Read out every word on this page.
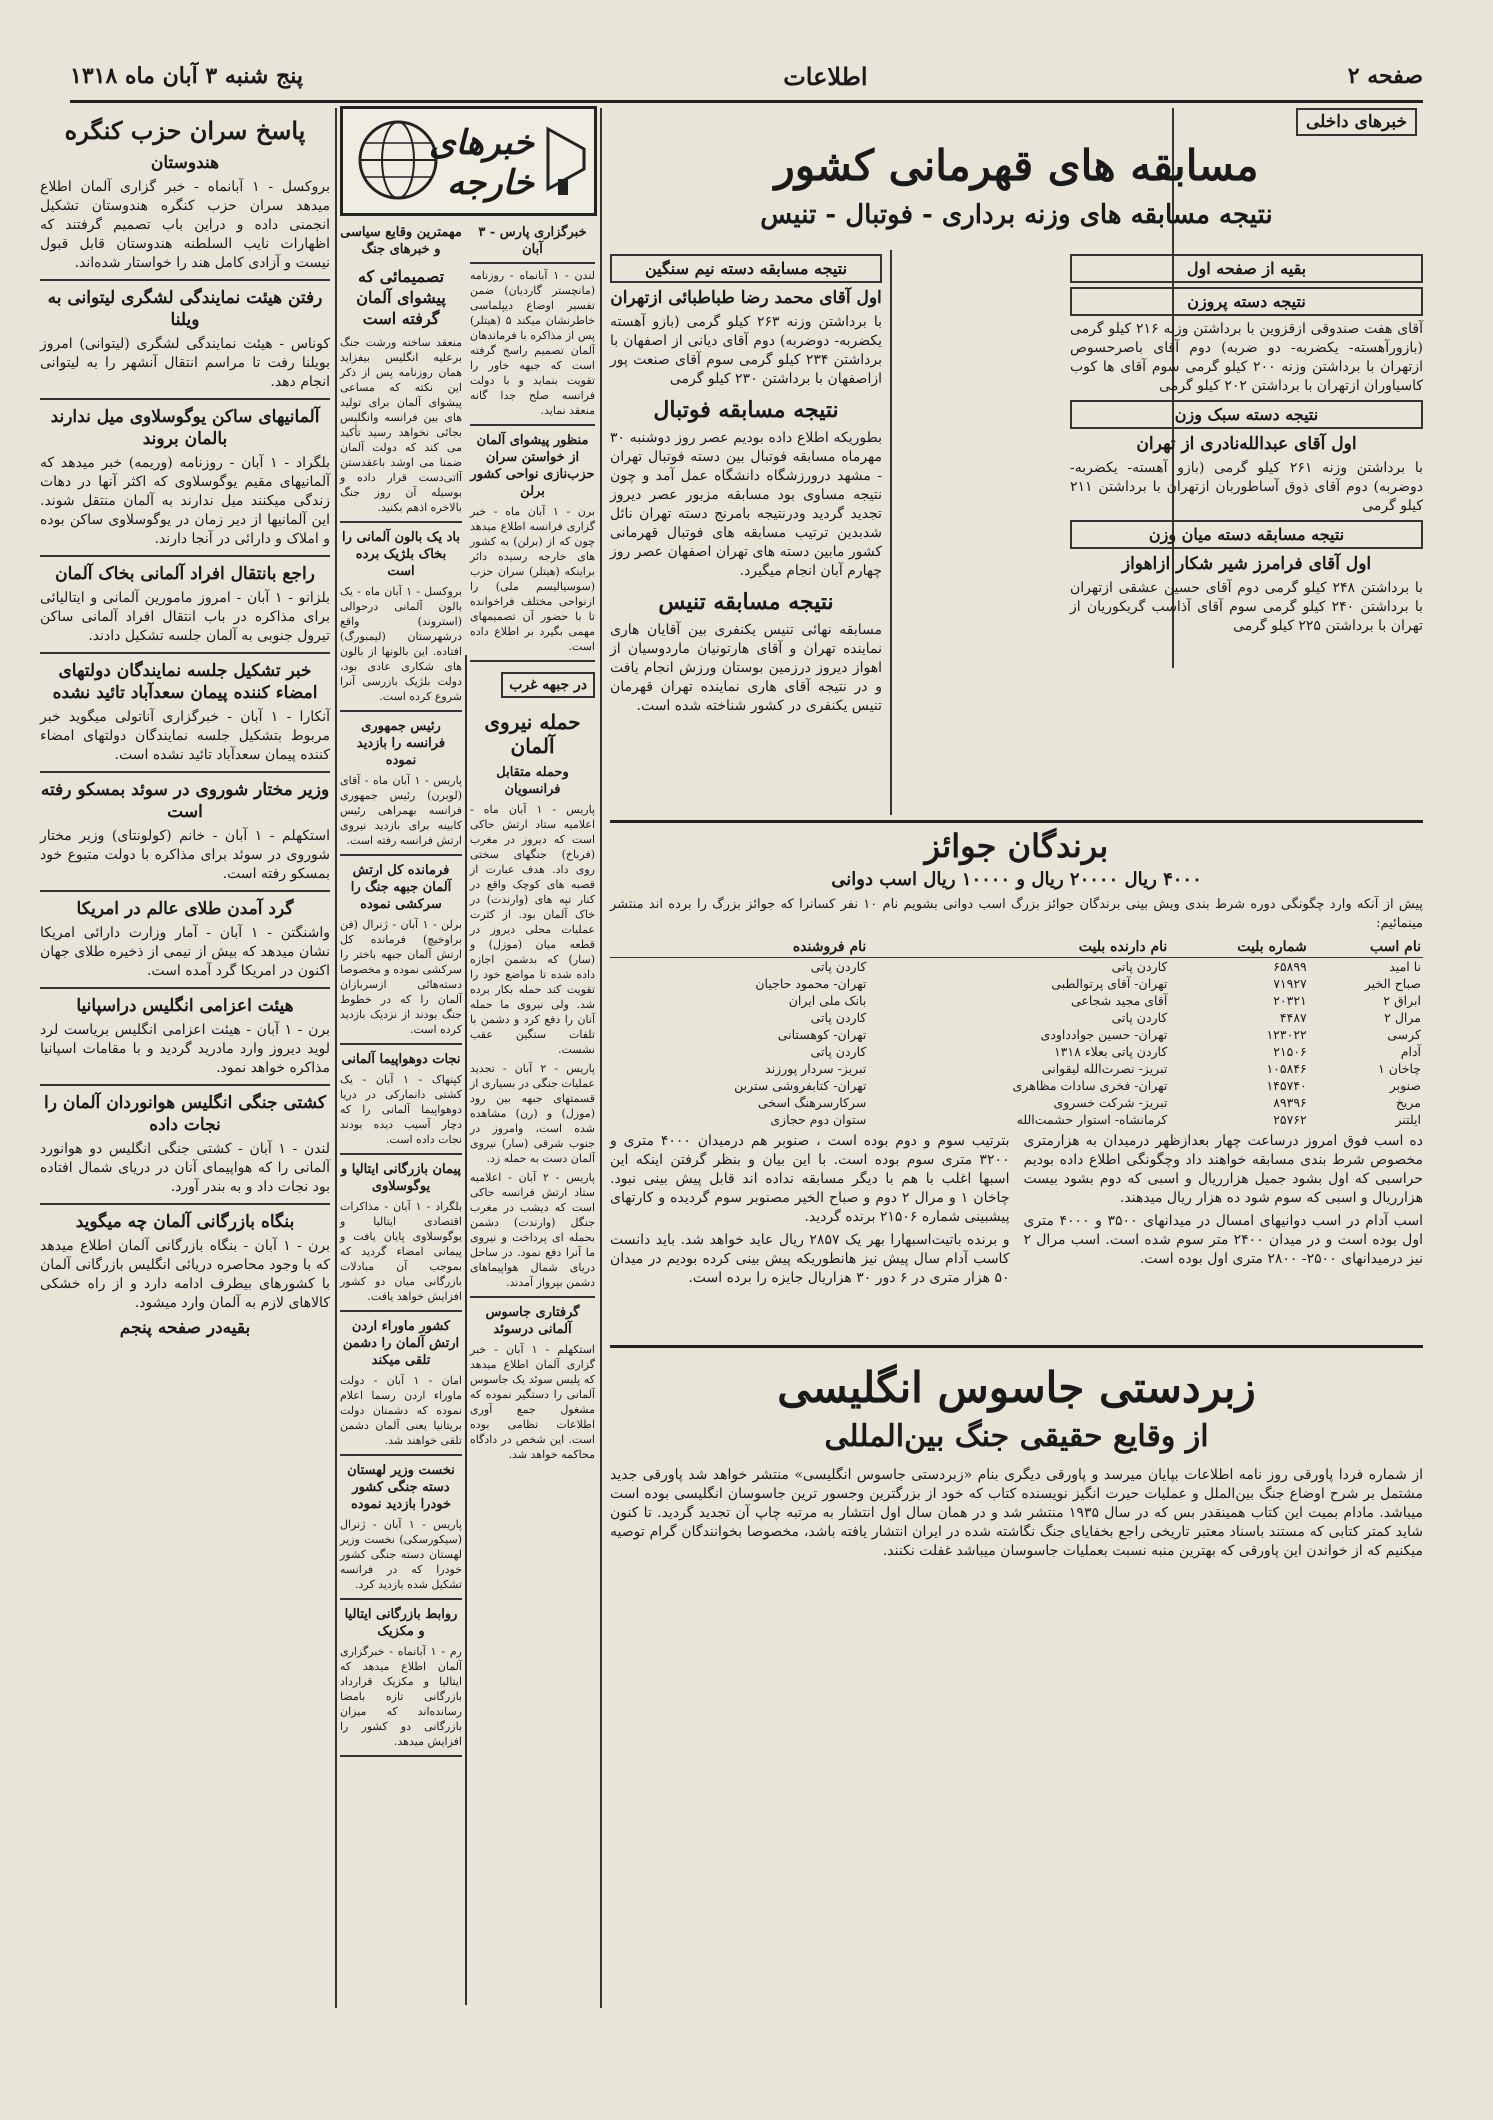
صفحه ۲
اطلاعات
پنج شنبه ۳ آبان ماه ۱۳۱۸
خبرهای داخلی
مسابقه های قهرمانی کشور
نتیجه مسابقه های وزنه برداری - فوتبال - تنیس
بقیه از صفحه اول
نتیجه دسته پروزن

آقای هفت صندوقی ازقزوین با برداشتن وزنه ۲۱۶ کیلو گرمی (بازورآهسته- یکضربه- دو ضربه) دوم آقای باصرحسوص ازتهران با برداشتن وزنه ۲۰۰ کیلو گرمی سوم آقای ها کوب کاسیاوران ازتهران با برداشتن ۲۰۲ کیلو گرمی

نتیجه دسته سبک وزن
اول آقای عبدالله‌نادری از تهران

با برداشتن وزنه ۲۶۱ کیلو گرمی (بازو آهسته- یکضربه- دوضربه) دوم آقای ذوق آساطوربان ازتهران با برداشتن ۲۱۱ کیلو گرمی

نتیجه مسابقه دسته میان وزن
اول آقای فرامرز شیر شکار ازاهواز

با برداشتن ۲۴۸ کیلو گرمی دوم آقای حسین عشقی ازتهران با برداشتن ۲۴۰ کیلو گرمی سوم آقای آذاسب گریکوریان از تهران با برداشتن ۲۲۵ کیلو گرمی

نتیجه مسابقه دسته نیم سنگین
اول آقای محمد رضا طباطبائی ازتهران

با برداشتن وزنه ۲۶۳ کیلو گرمی (بازو آهسته یکضربه- دوضربه) دوم آقای دیانی از اصفهان با برداشتن ۲۳۴ کیلو گرمی سوم آقای صنعت پور ازاصفهان با برداشتن ۲۳۰ کیلو گرمی

نتیجه مسابقه فوتبال

بطوریکه اطلاع داده بودیم عصر روز دوشنبه ۳۰ مهرماه مسابقه فوتبال بین دسته فوتبال تهران - مشهد درورزشگاه دانشگاه عمل آمد و چون نتیجه مساوی بود مسابقه مزبور عصر دیروز تجدید گردید ودرنتیجه بامرنج دسته تهران نائل شدبدین ترتیب مسابقه های فوتبال قهرمانی کشور مابین دسته های تهران اصفهان عصر روز چهارم آبان انجام میگیرد.

نتیجه مسابقه تنیس

مسابقه نهائی تنیس یکنفری بین آقایان هاری نماینده تهران و آقای هارتونیان ماردوسیان از اهواز دیروز درزمین بوستان ورزش انجام یافت و در نتیجه آقای هاری نماینده تهران قهرمان تنیس یکنفری در کشور شناخته شده است.

برندگان جوائز
۴۰۰۰ ریال ۲۰۰۰۰ ریال و ۱۰۰۰۰ ریال اسب دوانی

پیش از آنکه وارد چگونگی دوره شرط بندی ویش بینی برندگان جوائز بزرگ اسب دوانی بشویم نام ۱۰ نفر کسانرا که جوائز بزرگ را برده اند منتشر مینمائیم:

نام اسب	شماره بلیت	نام دارنده بلیت	نام فروشنده
نا امید	۶۵۸۹۹	کاردن پاتی	کاردن پاتی
صباح الخیر	۷۱۹۲۷	تهران- آقای پرتوالطبی	تهران- محمود حاجیان
ابراق ۲	۲۰۳۲۱	آقای مجید شجاعی	بانک ملی ایران
مرال ۲	۴۴۸۷	کاردن پاتی	کاردن پاتی
کرسی	۱۲۳۰۲۲	تهران- حسین جوادداودی	تهران- کوهستانی
آدام	۲۱۵۰۶	کاردن پاتی بعلاء ۱۳۱۸	کاردن پاتی
چاخان ۱	۱۰۵۸۴۶	تبریز- نصرت‌الله لیقوانی	تبریز- سردار پورزند
صنوبر	۱۴۵۷۴۰	تهران- فخری سادات مظاهری	تهران- کتابفروشی ستربن
مریخ	۸۹۳۹۶	تبریز- شرکت خسروی	سرکارسرهنگ اسخی
ایلتنر	۲۵۷۶۲	کرمانشاه- استوار حشمت‌الله	ستوان دوم حجازی

ده اسب فوق امروز درساعت چهار بعدازظهر درمیدان به هزارمتری مخصوص شرط بندی مسابقه خواهند داد وچگونگی اطلاع داده بودیم حراسبی که اول بشود جمیل هزارریال و اسبی که دوم بشود بیست هزارریال و اسبی که سوم شود ده هزار ریال میدهند.

اسب آدام در اسب دوانیهای امسال در میدانهای ۳۵۰۰ و ۴۰۰۰ متری اول بوده است و در میدان ۲۴۰۰ متر سوم شده است. اسب مرال ۲ نیز درمیدانهای ۲۵۰۰- ۲۸۰۰ متری اول بوده است.

بترتیب سوم و دوم بوده است ، صنوبر هم درمیدان ۴۰۰۰ متری و ۳۲۰۰ متری سوم بوده است. با این بیان و بنظر گرفتن اینکه این اسبها اغلب با هم با دیگر مسابقه نداده اند قابل پیش بینی نبود. چاخان ۱ و مرال ۲ دوم و صباح الخیر مصنوبر سوم گردیده و کارتهای پیشبینی شماره ۲۱۵۰۶ برنده گردید.

و برنده باتیت‌اسبهارا بهر یک ۲۸۵۷ ریال عاید خواهد شد. باید دانست کاسب آدام سال پیش نیز هانطوریکه پیش بینی کرده بودیم در میدان ۵۰ هزار متری در ۶ دور ۳۰ هزاریال جایزه را برده است.

زبردستی جاسوس انگلیسی
از وقایع حقیقی جنگ بین‌المللی

از شماره فردا پاورقی روز نامه اطلاعات بپایان میرسد و پاورقی دیگری بنام «زبردستی جاسوس انگلیسی» منتشر خواهد شد پاورقی جدید مشتمل بر شرح اوضاع جنگ بین‌الملل و عملیات حیرت انگیز نویسنده کتاب که خود از بزرگترین وجسور ترین جاسوسان انگلیسی بوده است میباشد. مادام بمیت این کتاب همینقدر بس که در سال ۱۹۳۵ منتشر شد و در همان سال اول انتشار به مرتبه چاپ آن تجدید گردید. تا کنون شاید کمتر کتابی که مستند باسناد معتبر تاریخی راجع بخفایای جنگ نگاشته شده در ایران انتشار یافته باشد، مخصوصا بخوانندگان گرام توصیه میکنیم که از خواندن این پاورقی که بهترین منبه نسبت بعملیات جاسوسان میباشد غفلت نکنند.

خبرهای خارجه
خبرگزاری پارس - ۳ آبان

لندن - ۱ آبانماه - روزنامه (مانچستر گاردیان) ضمن تفسیر اوضاع دیپلماسی خاطرنشان میکند ۵ (هیتلر) پس از مذاکره با فرماندهان آلمان تصمیم راسخ گرفته است که جبهه خاور را تقویت بنماید و با دولت فرانسه صلح جدا گانه منعقد نماید.

منظور پیشوای آلمان از خواستن سران حزب‌نازی نواحی کشور برلن

برن - ۱ آبان ماه - خبر گزاری فرانسه اطلاع میدهد چون که از (برلن) به کشور های خارجه رسیده دائر براینکه (هیتلر) سران حزب (سوسیالیسم ملی) را ازنواحی مختلف فراخوانده تا با حضور آن تصمیمهای مهمی بگیرد بر اطلاع داده است.

در جبهه غرب
حمله نیروی آلمان
وحمله متقابل فرانسویان

پاریس - ۱ آبان ماه - اعلامیه ستاد ارتش حاکی است که دیروز در مغرب (فرباخ) جنگهای سختی روی داد. هدف عبارت از قصبه های کوچک واقع در کنار تپه های (وارندت) در خاک آلمان بود. از کثرت عملیات محلی دیروز در قطعه میان (موزل) و (سار) که بدشمن اجازه داده شده تا مواضع خود را تقویت کند حمله بکار برده شد. ولی نیروی ما حمله آنان را دفع کرد و دشمن با تلفات سنگین عقب نشست.

پاریس - ۲ آبان - تجدید عملیات جنگی در بسیاری از قسمتهای جبهه بین رود (موزل) و (رن) مشاهده شده است، وامروز در جنوب شرقی (سار) نیروی آلمان دست به حمله زد.

پاریس - ۲ آبان - اعلامیه ستاد ارتش فرانسه حاکی است که دیشب در مغرب جنگل (وارندت) دشمن بحمله ای پرداخت و نیروی ما آنرا دفع نمود. در ساحل دریای شمال هواپیماهای دشمن بپرواز آمدند.

گرفتاری جاسوس آلمانی درسوئد

استکهلم - ۱ آبان - خبر گزاری آلمان اطلاع میدهد که پلیس سوئد یک جاسوس آلمانی را دستگیر نموده که مشغول جمع آوری اطلاعات نظامی بوده است. این شخص در دادگاه محاکمه خواهد شد.

پاسخ سران حزب کنگره
هندوستان

بروکسل - ۱ آبانماه - خبر گزاری آلمان اطلاع میدهد سران حزب کنگره هندوستان تشکیل انجمنی داده و دراین باب تصمیم گرفتند که اظهارات نایب السلطنه هندوستان قابل قبول نیست و آزادی کامل هند را خواستار شده‌اند.

رفتن هیئت نمایندگی لشگری لیتوانی به ویلنا

کوناس - هیئت نمایندگی لشگری (لیتوانی) امروز بویلنا رفت تا مراسم انتقال آنشهر را به لیتوانی انجام دهد.

آلمانیهای ساکن یوگوسلاوی میل ندارند بالمان بروند

بلگراد - ۱ آبان - روزنامه (وریمه) خبر میدهد که آلمانیهای مقیم یوگوسلاوی که اکثر آنها در دهات زندگی میکنند میل ندارند به آلمان منتقل شوند. این آلمانیها از دیر زمان در یوگوسلاوی ساکن بوده و املاک و دارائی در آنجا دارند.

راجع بانتقال افراد آلمانی بخاک آلمان

بلزانو - ۱ آبان - امروز مامورین آلمانی و ایتالیائی برای مذاکره در باب انتقال افراد آلمانی ساکن تیرول جنوبی به آلمان جلسه تشکیل دادند.

خبر تشکیل جلسه نمایندگان دولتهای امضاء کننده پیمان سعدآباد تائید نشده

آنکارا - ۱ آبان - خبرگزاری آناتولی میگوید خبر مربوط بتشکیل جلسه نمایندگان دولتهای امضاء کننده پیمان سعدآباد تائید نشده است.

وزیر مختار شوروی در سوئد بمسکو رفته است

استکهلم - ۱ آبان - خانم (کولونتای) وزیر مختار شوروی در سوئد برای مذاکره با دولت متبوع خود بمسکو رفته است.

گرد آمدن طلای عالم در امریکا

واشنگتن - ۱ آبان - آمار وزارت دارائی امریکا نشان میدهد که بیش از نیمی از ذخیره طلای جهان اکنون در امریکا گرد آمده است.

هیئت اعزامی انگلیس دراسپانیا

برن - ۱ آبان - هیئت اعزامی انگلیس بریاست لرد لوید دیروز وارد مادرید گردید و با مقامات اسپانیا مذاکره خواهد نمود.

کشتی جنگی انگلیس هوانوردان آلمان را نجات داده

لندن - ۱ آبان - کشتی جنگی انگلیس دو هوانورد آلمانی را که هواپیمای آنان در دریای شمال افتاده بود نجات داد و به بندر آورد.

بنگاه بازرگانی آلمان چه میگوید

برن - ۱ آبان - بنگاه بازرگانی آلمان اطلاع میدهد که با وجود محاصره دریائی انگلیس بازرگانی آلمان با کشورهای بیطرف ادامه دارد و از راه خشکی کالاهای لازم به آلمان وارد میشود.

بقیه‌در صفحه پنجم
مهمترین وقایع سیاسی و خبرهای جنگ
تصمیمائی که پیشوای آلمان گرفته است

منعقد ساخته ورشت جنگ برعلیه انگلیس بیفزاید همان روزنامه پس از ذکر این نکته که مساعی پیشوای آلمان برای تولید های بین فرانسه وانگلیس بجائی نخواهد رسید تأکید می کند که دولت آلمان ضمنا می اوشد باعقدستن آاتی‌دست قرار داده و بوسیله آن روز جنگ بالاخره اذهم بکنید.

باد یک بالون آلمانی را بخاک بلژیک برده است

بروکسل - ۱ آبان ماه - یک بالون آلمانی درحوالی (استروند) واقع درشهرستان (لیمبورگ) افتاده. این بالونها از بالون های شکاری عادی بود، دولت بلژیک بازرسی آنرا شروع کرده است.

رئیس جمهوری فرانسه را بازدید نموده

پاریس - ۱ آبان ماه - آقای (لوبرن) رئیس جمهوری فرانسه بهمراهی رئیس کابینه برای بازدید نیروی ارتش فرانسه رفته است.

فرمانده کل ارتش آلمان جبهه جنگ را سرکشی نموده

برلن - ۱ آبان - ژنرال (فن براوخیچ) فرمانده کل ارتش آلمان جبهه باختر را سرکشی نموده و مخصوصا دسته‌هائی ازسربازان آلمان را که در خطوط جنگ بودند از نزدیک بازدید کرده است.

نجات دوهواپیما آلمانی

کپنهاک - ۱ آبان - یک کشتی دانمارکی در دریا دوهواپیما آلمانی را که دچار آسیب دیده بودند نجات داده است.

پیمان بازرگانی ایتالیا و یوگوسلاوی

بلگراد - ۱ آبان - مذاکرات اقتصادی ایتالیا و یوگوسلاوی پایان یافت و پیمانی امضاء گردید که بموجب آن مبادلات بازرگانی میان دو کشور افزایش خواهد یافت.

کشور ماوراء اردن ارتش آلمان را دشمن تلقی میکند

امان - ۱ آبان - دولت ماوراء اردن رسما اعلام نموده که دشمنان دولت بریتانیا یعنی آلمان دشمن تلقی خواهند شد.

نخست وزیر لهستان دسته جنگی کشور خودرا بازدید نموده

پاریس - ۱ آبان - ژنرال (سیکورسکی) نخست وزیر لهستان دسته جنگی کشور خودرا که در فرانسه تشکیل شده بازدید کرد.

روابط بازرگانی ایتالیا و مکزیک

رم - ۱ آبانماه - خبرگزاری آلمان اطلاع میدهد که ایتالیا و مکزیک قرارداد بازرگانی تازه بامضا رسانده‌اند که میزان بازرگانی دو کشور را افزایش میدهد.
